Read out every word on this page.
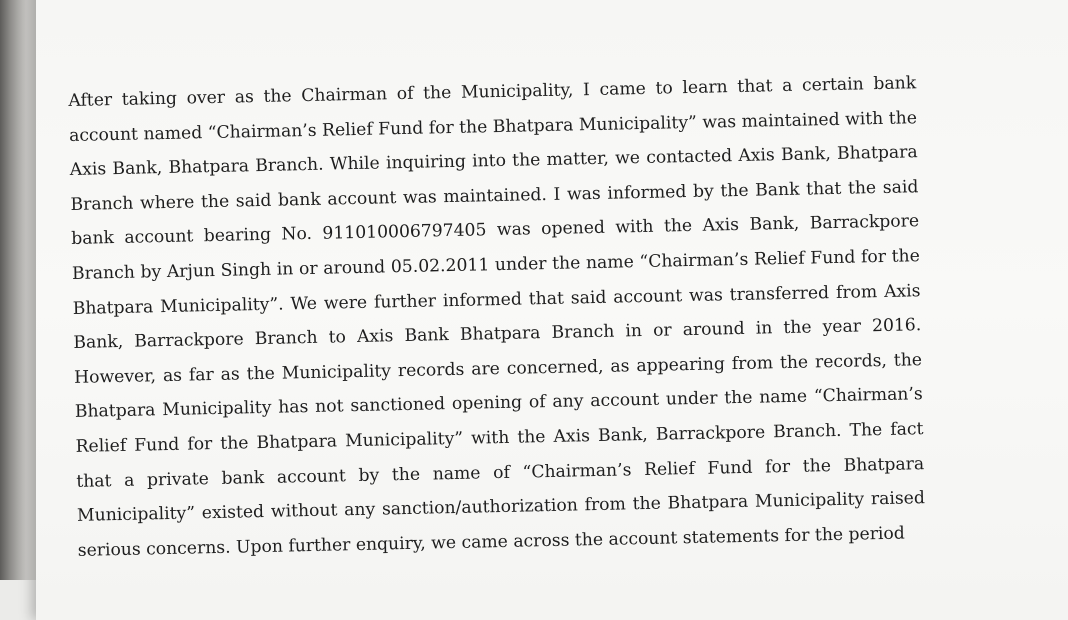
After taking over as the Chairman of the Municipality, I came to learn that a certain bank
account named “Chairman’s Relief Fund for the Bhatpara Municipality” was maintained with the
Axis Bank, Bhatpara Branch. While inquiring into the matter, we contacted Axis Bank, Bhatpara
Branch where the said bank account was maintained. I was informed by the Bank that the said
bank account bearing No. 911010006797405 was opened with the Axis Bank, Barrackpore
Branch by Arjun Singh in or around 05.02.2011 under the name “Chairman’s Relief Fund for the
Bhatpara Municipality”. We were further informed that said account was transferred from Axis
Bank, Barrackpore Branch to Axis Bank Bhatpara Branch in or around in the year 2016.
However, as far as the Municipality records are concerned, as appearing from the records, the
Bhatpara Municipality has not sanctioned opening of any account under the name “Chairman’s
Relief Fund for the Bhatpara Municipality” with the Axis Bank, Barrackpore Branch. The fact
that a private bank account by the name of “Chairman’s Relief Fund for the Bhatpara
Municipality” existed without any sanction/authorization from the Bhatpara Municipality raised
serious concerns. Upon further enquiry, we came across the account statements for the period
